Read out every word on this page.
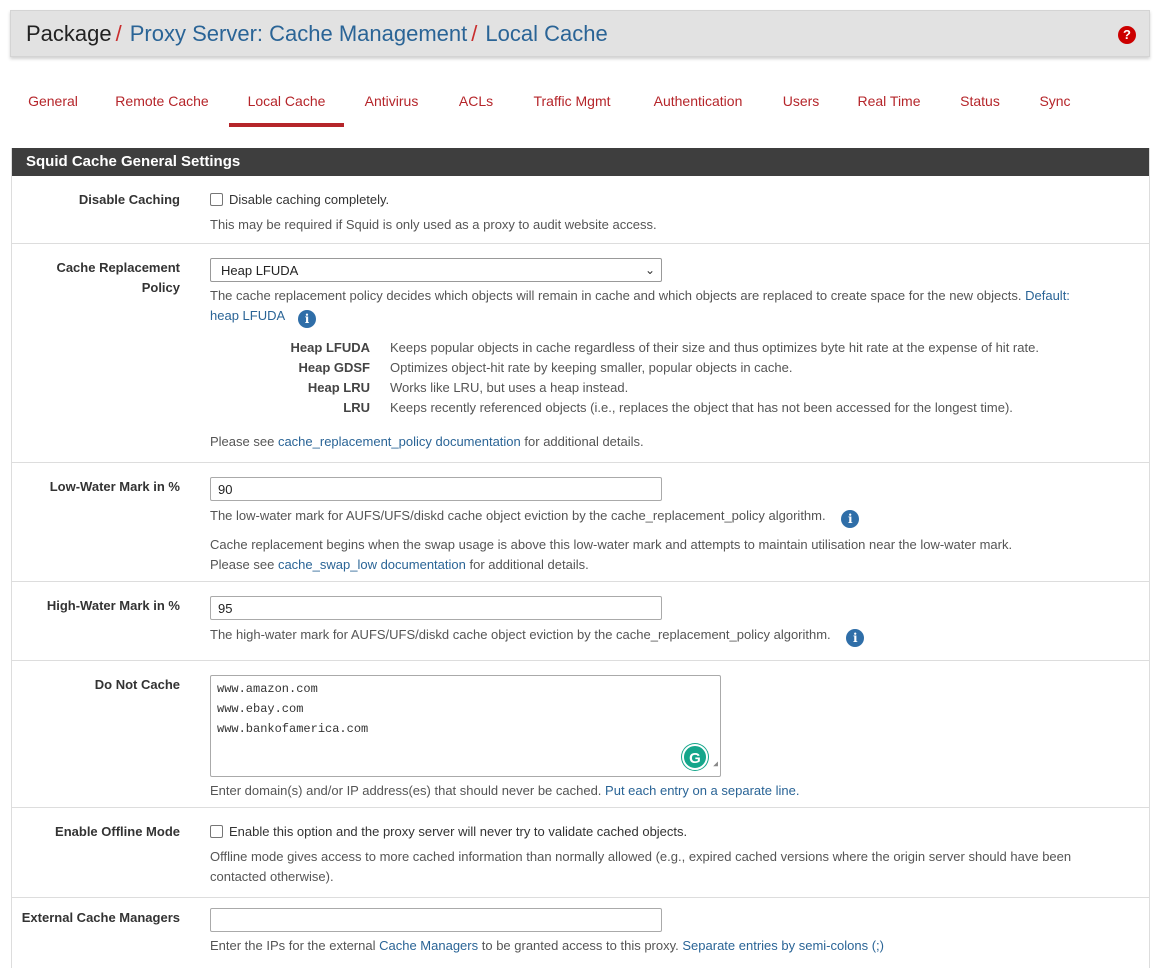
Package / Proxy Server: Cache Management / Local Cache	?
General	Remote Cache	Local Cache	Antivirus	ACLs	Traffic Mgmt	Authentication	Users	Real Time	Status	Sync
Squid Cache General Settings
Disable Caching	Disable caching completely.
This may be required if Squid is only used as a proxy to audit website access.
Cache Replacement
Policy
Heap LFUDA	⌄
The cache replacement policy decides which objects will remain in cache and which objects are replaced to create space for the new objects. Default:
heap LFUDA i
Heap LFUDA Keeps popular objects in cache regardless of their size and thus optimizes byte hit rate at the expense of hit rate.
Heap GDSF Optimizes object-hit rate by keeping smaller, popular objects in cache.
Heap LRU Works like LRU, but uses a heap instead.
LRU Keeps recently referenced objects (i.e., replaces the object that has not been accessed for the longest time).
Please see cache_replacement_policy documentation for additional details.
Low-Water Mark in %	90
The low-water mark for AUFS/UFS/diskd cache object eviction by the cache_replacement_policy algorithm. i
Cache replacement begins when the swap usage is above this low-water mark and attempts to maintain utilisation near the low-water mark.
Please see cache_swap_low documentation for additional details.
High-Water Mark in %	95
The high-water mark for AUFS/UFS/diskd cache object eviction by the cache_replacement_policy algorithm. i
Do Not Cache	www.amazon.com
www.ebay.com
www.bankofamerica.com
G	◢
Enter domain(s) and/or IP address(es) that should never be cached. Put each entry on a separate line.
Enable Offline Mode	Enable this option and the proxy server will never try to validate cached objects.
Offline mode gives access to more cached information than normally allowed (e.g., expired cached versions where the origin server should have been
contacted otherwise).
External Cache Managers
Enter the IPs for the external Cache Managers to be granted access to this proxy. Separate entries by semi-colons (;)
